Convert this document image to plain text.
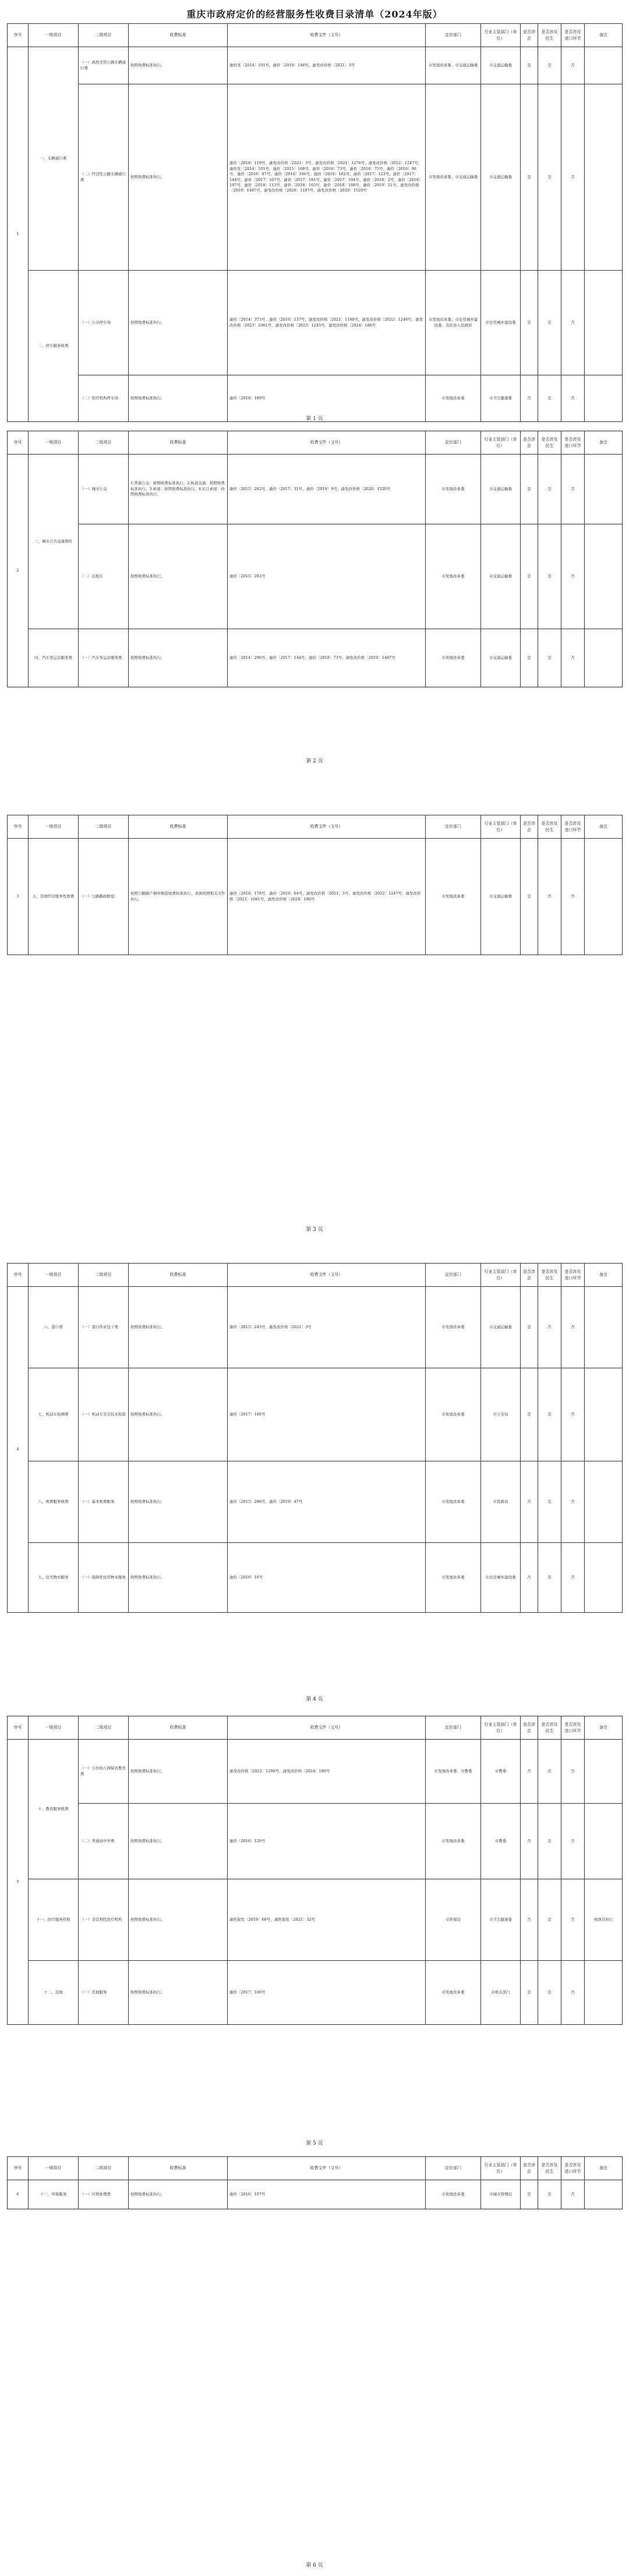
重庆市政府定价的经营服务性收费目录清单（2024年版）
序号	一级项目	二级项目	收费标准	收费文件（文号）	定价部门	行业主管部门（单位）	是否涉企	是否涉及民生	是否涉及进口环节	备注
1	一、车辆通行费	（一）政府还贷公路车辆通行费	按照收费标准执行。	渝价发〔2014〕101号、渝价〔2019〕148号、渝发改价格〔2021〕3号	市发展改革委、市交通运输委	市交通运输委	是	是	否	
		（二）经营性公路车辆通行费	按照收费标准执行。	渝价〔2018〕119号、渝发改价格〔2021〕3号、渝发改价格〔2021〕1276号、渝发改价格〔2022〕1247号；渝价发〔2014〕101号、渝价〔2015〕168号、渝价〔2016〕73号、渝价〔2016〕75号、渝价〔2016〕96号、渝价〔2016〕97号、渝价〔2016〕106号、渝价〔2016〕162号、渝价〔2017〕123号、渝价〔2017〕148号、渝价〔2017〕167号、渝价〔2017〕181号、渝价〔2017〕194号、渝价〔2018〕2号、渝价〔2018〕107号、渝价〔2018〕113号、渝价〔2018〕163号、渝价〔2018〕188号、渝价〔2019〕21号、渝发改价格〔2019〕1487号、渝发改价格〔2020〕1107号、渝发改价格〔2020〕1520号	市发展改革委、市交通运输委	市交通运输委	是	是	否	
	二、停车服务收费	（一）公共停车场	按照收费标准执行。	渝价〔2014〕373号、渝价〔2016〕137号、渝发改价格〔2021〕1180号、渝发改价格〔2022〕1249号、渝发改价格〔2023〕1061号、渝发改价格〔2023〕1245号、渝发改价格〔2024〕180号	市发展改革委、市住房城乡建设委、各区县人民政府	市住房城乡建设委	是	是	否	
		（二）医疗机构停车场	按照收费标准执行。	渝价〔2018〕189号	市发展改革委	市卫生健康委	否	是	否	
第 1 页
序号	一级项目	二级项目	收费标准	收费文件（文号）	定价部门	行业主管部门（单位）	是否涉企	是否涉及民生	是否涉及进口环节	备注
2	三、城市公共交通票价	（一）城市公交	1.普通公交：按照收费标准执行。2.轨道交通：按照收费标准执行。3.索道：按照收费标准执行。4.长江索道：按照收费标准执行。	渝价〔2015〕282号、渝价〔2017〕31号、渝价〔2019〕9号、渝发改价格〔2020〕1520号	市发展改革委	市交通运输委	是	是	否	
		（二）出租车	按照收费标准执行。	渝价〔2015〕282号	市发展改革委	市交通运输委	是	是	否	
	四、汽车客运站服务费	（一）汽车客运站服务费	按照收费标准执行。	渝价〔2014〕296号、渝价〔2017〕144号、渝价〔2018〕73号、渝发改价格〔2019〕1487号	市发展改革委	市交通运输委	是	是	否	
第 2 页
序号	一级项目	二级项目	收费标准	收费文件（文号）	定价部门	行业主管部门（单位）	是否涉企	是否涉及民生	是否涉及进口环节	备注
3	五、其他经营服务性收费	（一）公路路政赔偿	按照公路路产损坏赔偿收费标准执行，具体按照相关文件执行。	渝价〔2018〕178号、渝价〔2019〕64号、渝发改价格〔2021〕3号、渝发改价格〔2022〕1247号、渝发改价格〔2023〕1061号、渝发改价格〔2024〕180号	市发展改革委	市交通运输委	是	否	否	
第 3 页
序号	一级项目	二级项目	收费标准	收费文件（文号）	定价部门	行业主管部门（单位）	是否涉企	是否涉及民生	是否涉及进口环节	备注
4	六、港口费	（一）港口作业包干费	按照收费标准执行。	渝价〔2015〕245号、渝发改价格〔2021〕3号	市发展改革委	市交通运输委	是	否	否	
	七、机动车检测费	（一）机动车安全技术检验	按照收费标准执行。	渝价〔2017〕106号	市发展改革委	市公安局	是	是	否	
	八、殡葬服务收费	（一）基本殡葬服务	按照收费标准执行。	渝价〔2015〕286号、渝价〔2019〕47号	市发展改革委	市民政局	否	是	否	
	九、住宅物业服务	（一）保障性住房物业服务	按照收费标准执行。	渝价〔2016〕16号	市发展改革委	市住房城乡建设委	否	是	否	
第 4 页
序号	一级项目	二级项目	收费标准	收费文件（文号）	定价部门	行业主管部门（单位）	是否涉企	是否涉及民生	是否涉及进口环节	备注
5	十、教育服务收费	（一）公办幼儿园保育教育费	按照收费标准执行。	渝发改价格〔2023〕1200号、渝发改价格〔2024〕180号	市发展改革委、市教委	市教委	否	是	否	
		（二）普通高中学费	按照收费标准执行。	渝价〔2016〕126号	市发展改革委	市教委	否	是	否	
	十一、医疗服务价格	（一）非营利性医疗机构	按照收费标准执行。	渝医保发〔2019〕68号、渝医保发〔2021〕32号	市医保局	市卫生健康委	否	是	否	按项目执行
	十二、其他	（一）其他服务	按照收费标准执行。	渝价〔2017〕100号	市发展改革委	市相关部门	是	是	否	
第 5 页
序号	一级项目	二级项目	收费标准	收费文件（文号）	定价部门	行业主管部门（单位）	是否涉企	是否涉及民生	是否涉及进口环节	备注
6	十三、环保服务	（一）垃圾处理费	按照收费标准执行。	渝价〔2016〕107号	市发展改革委	市城市管理局	是	是	否	
第 6 页
